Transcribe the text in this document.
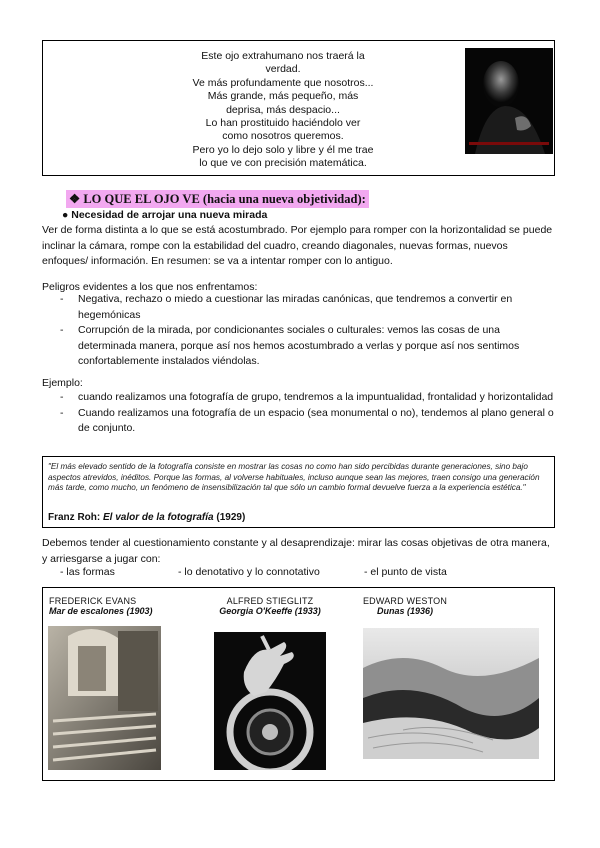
Este ojo extrahumano nos traerá la
verdad.
Ve más profundamente que nosotros...
Más grande, más pequeño, más
deprisa, más despacio...
Lo han prostituido haciéndolo ver
como nosotros queremos.
Pero yo lo dejo solo y libre y él me trae
lo que ve con precisión matemática.
❖ LO QUE EL OJO VE (hacia una nueva objetividad):
● Necesidad de arrojar una nueva mirada
Ver de forma distinta a lo que se está acostumbrado. Por ejemplo para romper con la horizontalidad se puede inclinar la cámara, rompe con la estabilidad del cuadro, creando diagonales, nuevas formas, nuevos enfoques/ información. En resumen: se va a intentar romper con lo antiguo.
Peligros evidentes a los que nos enfrentamos:
- Negativa, rechazo o miedo a cuestionar las miradas canónicas, que tendremos a convertir en hegemónicas
- Corrupción de la mirada, por condicionantes sociales o culturales: vemos las cosas de una determinada manera, porque así nos hemos acostumbrado a verlas y porque así nos sentimos confortablemente instalados viéndolas.
Ejemplo:
- cuando realizamos una fotografía de grupo, tendremos a la impuntualidad, frontalidad y horizontalidad
- Cuando realizamos una fotografía de un espacio (sea monumental o no), tendemos al plano general o de conjunto.
"El más elevado sentido de la fotografía consiste en mostrar las cosas no como han sido percibidas durante generaciones, sino bajo aspectos atrevidos, inéditos. Porque las formas, al volverse habituales, incluso aunque sean las mejores, traen consigo una generación más tarde, como mucho, un fenómeno de insensibilización tal que sólo un cambio formal devuelve fuerza a la experiencia estética."
Franz Roh: El valor de la fotografía (1929)
Debemos tender al cuestionamiento constante y al desaprendizaje: mirar las cosas objetivas de otra manera, y arriesgarse a jugar con:
- las formas	- lo denotativo y lo connotativo	- el punto de vista
FREDERICK EVANS
Mar de escalones (1903)
ALFRED STIEGLITZ
Georgia O'Keeffe (1933)
EDWARD WESTON
Dunas (1936)
